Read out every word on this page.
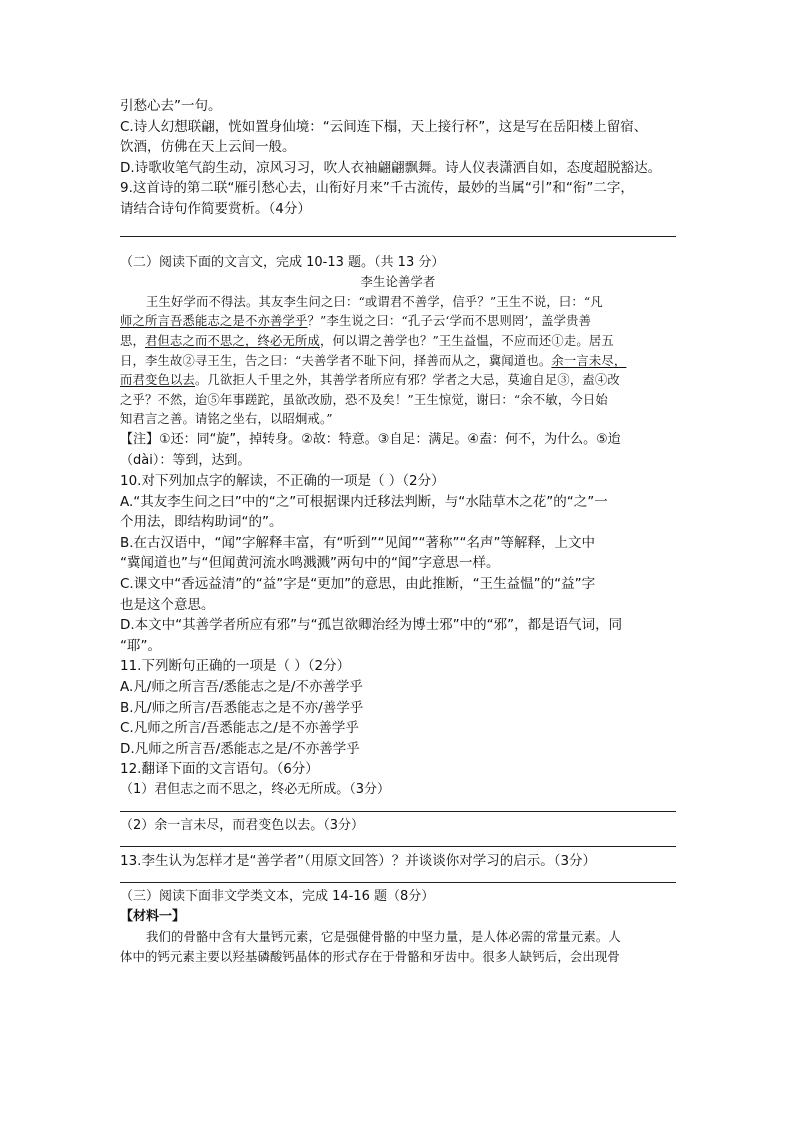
引愁心去”一句。
C.诗人幻想联翩，恍如置身仙境：“云间连下榻，天上接行杯”，这是写在岳阳楼上留宿、
饮酒，仿佛在天上云间一般。
D.诗歌收笔气韵生动，凉风习习，吹人衣袖翩翩飘舞。诗人仪表潇洒自如，态度超脱豁达。
9.这首诗的第二联“雁引愁心去，山衔好月来”千古流传，最妙的当属“引”和“衔”二字，
请结合诗句作简要赏析。（4分）
（二）阅读下面的文言文，完成 10-13 题。（共 13 分）
李生论善学者
王生好学而不得法。其友李生问之曰：“或谓君不善学，信乎？”王生不说，曰：“凡
师之所言吾悉能志之是不亦善学乎？”李生说之曰：“孔子云‘学而不思则罔’，盖学贵善
思，君但志之而不思之，终必无所成，何以谓之善学也？”王生益愠，不应而还①走。居五
日，李生故②寻王生，告之曰：“夫善学者不耻下问，择善而从之，冀闻道也。余一言未尽，
而君变色以去。几欲拒人千里之外，其善学者所应有邪？学者之大忌，莫逾自足③，盍④改
之乎？不然，迨⑤年事蹉跎，虽欲改励，恐不及矣！”王生惊觉，谢曰：“余不敏，今日始
知君言之善。请铭之坐右，以昭炯戒。”
【注】①还：同“旋”，掉转身。②故：特意。③自足：满足。④盍：何不，为什么。⑤迨
（dài）：等到，达到。
10.对下列加点字的解读，不正确的一项是（ ）（2分）
A.“其友李生问之曰”中的“之”可根据课内迁移法判断，与“水陆草木之花”的“之”一
个用法，即结构助词“的”。
B.在古汉语中，“闻”字解释丰富，有“听到”“见闻”“著称”“名声”等解释，上文中
“冀闻道也”与“但闻黄河流水鸣溅溅”两句中的“闻”字意思一样。
C.课文中“香远益清”的“益”字是“更加”的意思，由此推断，“王生益愠”的“益”字
也是这个意思。
D.本文中“其善学者所应有邪”与“孤岂欲卿治经为博士邪”中的“邪”，都是语气词，同
“耶”。
11.下列断句正确的一项是（ ）（2分）
A.凡/师之所言吾/悉能志之是/不亦善学乎
B.凡/师之所言/吾悉能志之是不亦/善学乎
C.凡师之所言/吾悉能志之/是不亦善学乎
D.凡师之所言吾/悉能志之是/不亦善学乎
12.翻译下面的文言语句。（6分）
（1）君但志之而不思之，终必无所成。（3分）
（2）余一言未尽，而君变色以去。（3分）
13.李生认为怎样才是“善学者”（用原文回答）？并谈谈你对学习的启示。（3分）
（三）阅读下面非文学类文本，完成 14-16 题（8分）
【材料一】
我们的骨骼中含有大量钙元素，它是强健骨骼的中坚力量，是人体必需的常量元素。人
体中的钙元素主要以羟基磷酸钙晶体的形式存在于骨骼和牙齿中。很多人缺钙后，会出现骨
